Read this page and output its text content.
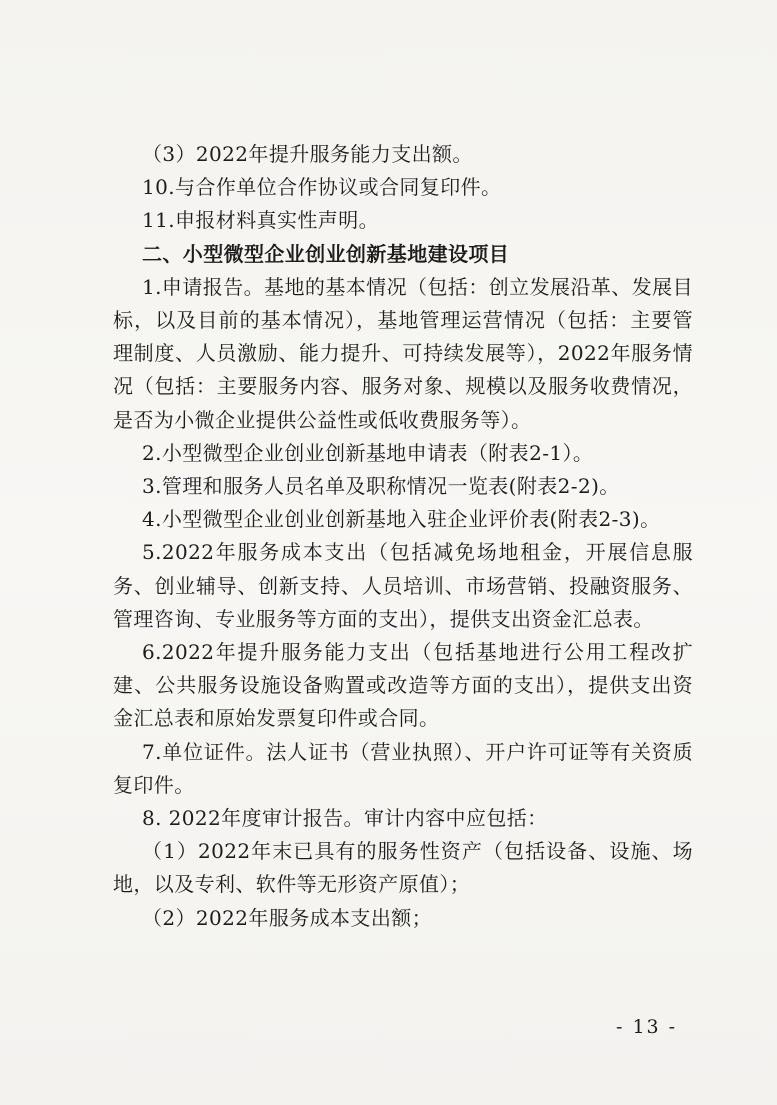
（3）2022年提升服务能力支出额。

10.与合作单位合作协议或合同复印件。

11.申报材料真实性声明。

二、小型微型企业创业创新基地建设项目

1.申请报告。基地的基本情况（包括：创立发展沿革、发展目标，以及目前的基本情况），基地管理运营情况（包括：主要管理制度、人员激励、能力提升、可持续发展等），2022年服务情况（包括：主要服务内容、服务对象、规模以及服务收费情况，是否为小微企业提供公益性或低收费服务等）。

2.小型微型企业创业创新基地申请表（附表2-1）。

3.管理和服务人员名单及职称情况一览表(附表2-2)。

4.小型微型企业创业创新基地入驻企业评价表(附表2-3)。

5.2022年服务成本支出（包括减免场地租金，开展信息服务、创业辅导、创新支持、人员培训、市场营销、投融资服务、管理咨询、专业服务等方面的支出），提供支出资金汇总表。

6.2022年提升服务能力支出（包括基地进行公用工程改扩建、公共服务设施设备购置或改造等方面的支出），提供支出资金汇总表和原始发票复印件或合同。

7.单位证件。法人证书（营业执照）、开户许可证等有关资质复印件。

8. 2022年度审计报告。审计内容中应包括：

（1）2022年末已具有的服务性资产（包括设备、设施、场地，以及专利、软件等无形资产原值）；

（2）2022年服务成本支出额；

- 13 -
